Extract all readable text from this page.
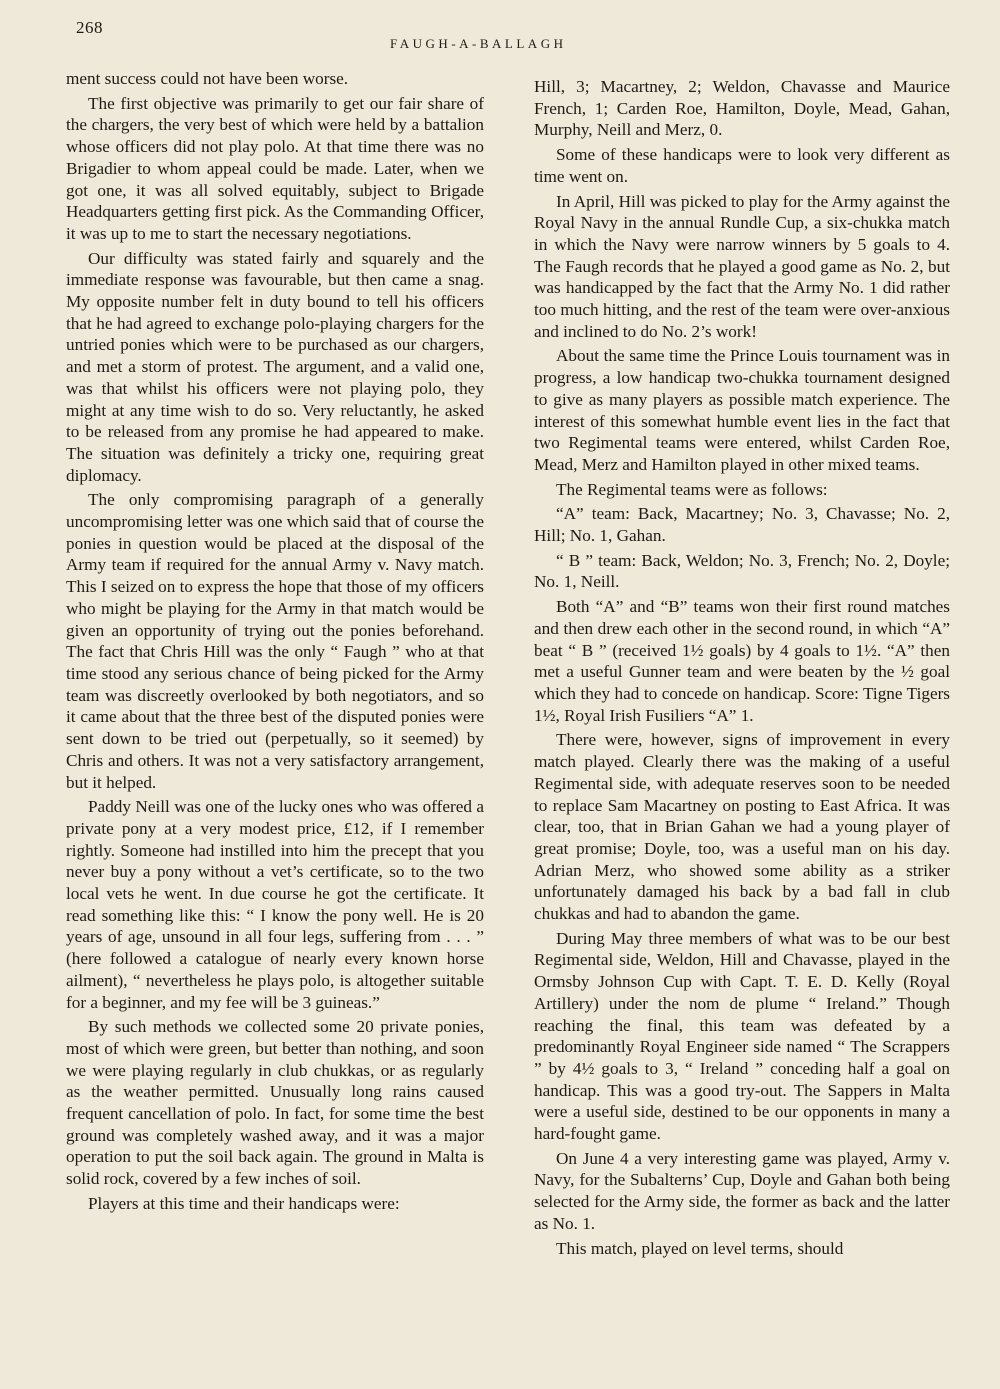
268
FAUGH-A-BALLAGH

ment success could not have been worse.

The first objective was primarily to get our fair share of the chargers, the very best of which were held by a battalion whose officers did not play polo. At that time there was no Brigadier to whom appeal could be made. Later, when we got one, it was all solved equitably, subject to Brigade Headquarters getting first pick. As the Commanding Officer, it was up to me to start the necessary negotiations.

Our difficulty was stated fairly and squarely and the immediate response was favourable, but then came a snag. My opposite number felt in duty bound to tell his officers that he had agreed to exchange polo-playing chargers for the untried ponies which were to be purchased as our chargers, and met a storm of protest. The argument, and a valid one, was that whilst his officers were not playing polo, they might at any time wish to do so. Very reluctantly, he asked to be released from any promise he had appeared to make. The situation was definitely a tricky one, requiring great diplomacy.

The only compromising paragraph of a generally uncompromising letter was one which said that of course the ponies in question would be placed at the disposal of the Army team if required for the annual Army v. Navy match. This I seized on to express the hope that those of my officers who might be playing for the Army in that match would be given an opportunity of trying out the ponies beforehand. The fact that Chris Hill was the only “ Faugh ” who at that time stood any serious chance of being picked for the Army team was discreetly overlooked by both negotiators, and so it came about that the three best of the disputed ponies were sent down to be tried out (perpetually, so it seemed) by Chris and others. It was not a very satisfactory arrangement, but it helped.

Paddy Neill was one of the lucky ones who was offered a private pony at a very modest price, £12, if I remember rightly. Someone had instilled into him the precept that you never buy a pony without a vet’s certificate, so to the two local vets he went. In due course he got the certificate. It read something like this: “ I know the pony well. He is 20 years of age, unsound in all four legs, suffering from . . . ” (here followed a catalogue of nearly every known horse ailment), “ nevertheless he plays polo, is altogether suitable for a beginner, and my fee will be 3 guineas.”

By such methods we collected some 20 private ponies, most of which were green, but better than nothing, and soon we were playing regularly in club chukkas, or as regularly as the weather permitted. Unusually long rains caused frequent cancellation of polo. In fact, for some time the best ground was completely washed away, and it was a major operation to put the soil back again. The ground in Malta is solid rock, covered by a few inches of soil.

Players at this time and their handicaps were:

Hill, 3; Macartney, 2; Weldon, Chavasse and Maurice French, 1; Carden Roe, Hamilton, Doyle, Mead, Gahan, Murphy, Neill and Merz, 0.

Some of these handicaps were to look very different as time went on.

In April, Hill was picked to play for the Army against the Royal Navy in the annual Rundle Cup, a six-chukka match in which the Navy were narrow winners by 5 goals to 4. The Faugh records that he played a good game as No. 2, but was handicapped by the fact that the Army No. 1 did rather too much hitting, and the rest of the team were over-anxious and inclined to do No. 2’s work!

About the same time the Prince Louis tournament was in progress, a low handicap two-chukka tournament designed to give as many players as possible match experience. The interest of this somewhat humble event lies in the fact that two Regimental teams were entered, whilst Carden Roe, Mead, Merz and Hamilton played in other mixed teams.

The Regimental teams were as follows:

“A” team: Back, Macartney; No. 3, Chavasse; No. 2, Hill; No. 1, Gahan.

“ B ” team: Back, Weldon; No. 3, French; No. 2, Doyle; No. 1, Neill.

Both “A” and “B” teams won their first round matches and then drew each other in the second round, in which “A” beat “ B ” (received 1½ goals) by 4 goals to 1½. “A” then met a useful Gunner team and were beaten by the ½ goal which they had to concede on handicap. Score: Tigne Tigers 1½, Royal Irish Fusiliers “A” 1.

There were, however, signs of improvement in every match played. Clearly there was the making of a useful Regimental side, with adequate reserves soon to be needed to replace Sam Macartney on posting to East Africa. It was clear, too, that in Brian Gahan we had a young player of great promise; Doyle, too, was a useful man on his day. Adrian Merz, who showed some ability as a striker unfortunately damaged his back by a bad fall in club chukkas and had to abandon the game.

During May three members of what was to be our best Regimental side, Weldon, Hill and Chavasse, played in the Ormsby Johnson Cup with Capt. T. E. D. Kelly (Royal Artillery) under the nom de plume “ Ireland.” Though reaching the final, this team was defeated by a predominantly Royal Engineer side named “ The Scrappers ” by 4½ goals to 3, “ Ireland ” conceding half a goal on handicap. This was a good try-out. The Sappers in Malta were a useful side, destined to be our opponents in many a hard-fought game.

On June 4 a very interesting game was played, Army v. Navy, for the Subalterns’ Cup, Doyle and Gahan both being selected for the Army side, the former as back and the latter as No. 1.

This match, played on level terms, should
